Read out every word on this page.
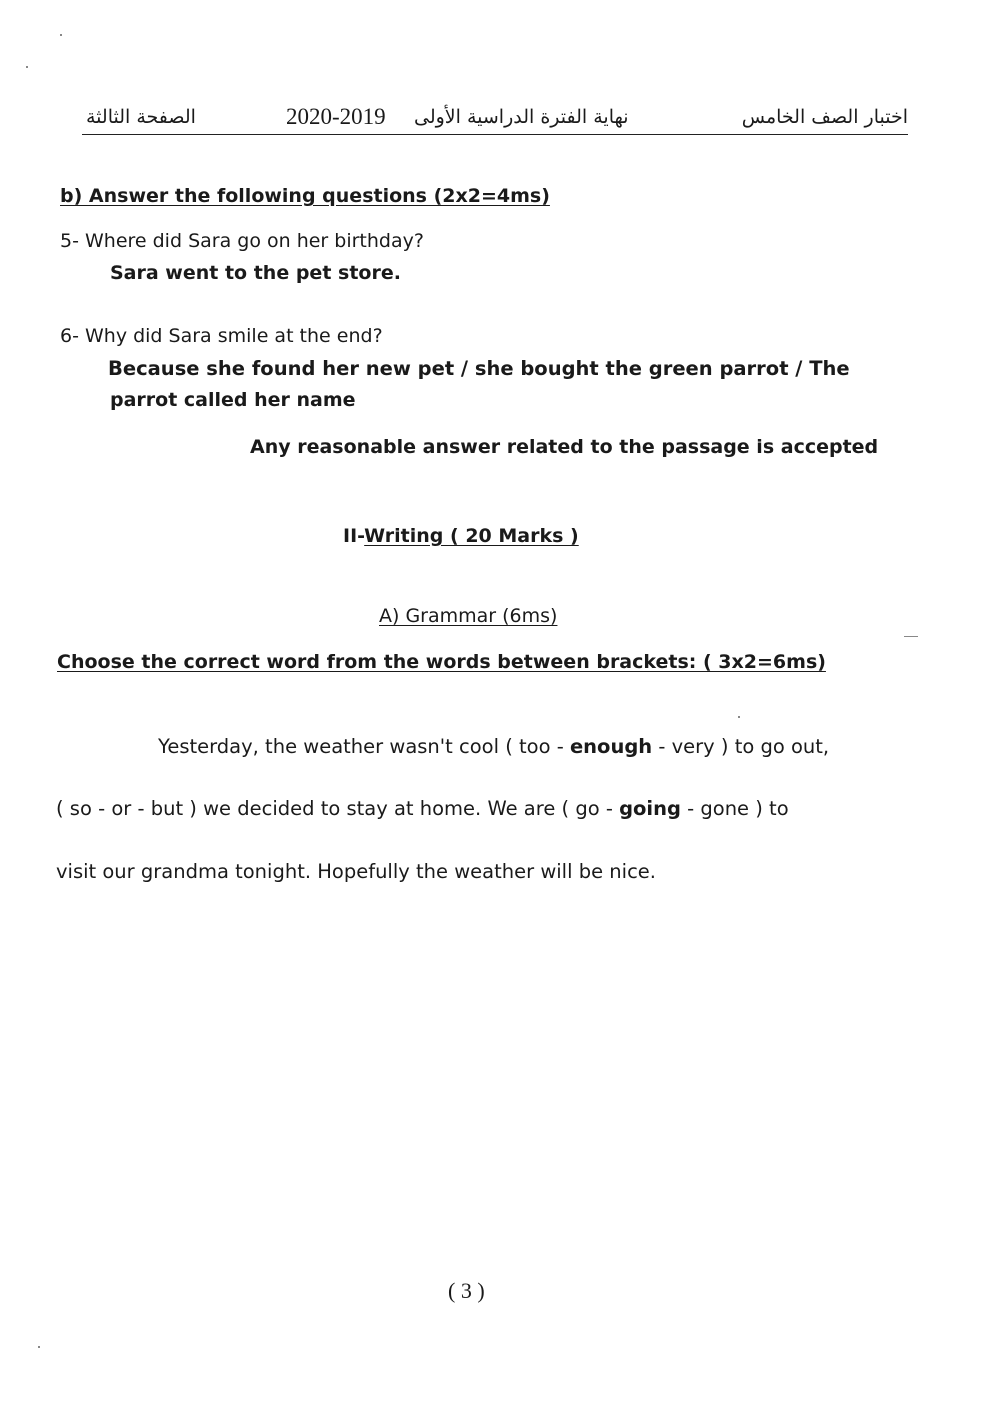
اختبار الصف الخامس
نهاية الفترة الدراسية الأولى
2020-2019
الصفحة الثالثة
b) Answer the following questions (2x2=4ms)
5- Where did Sara go on her birthday?
Sara went to the pet store.
6- Why did Sara smile at the end?
Because she found her new pet / she bought the green parrot / The
parrot called her name
Any reasonable answer related to the passage is accepted
II-Writing ( 20 Marks )
A) Grammar (6ms)
Choose the correct word from the words between brackets: ( 3x2=6ms)
Yesterday, the weather wasn't cool ( too - enough - very ) to go out,
( so - or - but ) we decided to stay at home. We are ( go - going - gone ) to
visit our grandma tonight. Hopefully the weather will be nice.
( 3 )
